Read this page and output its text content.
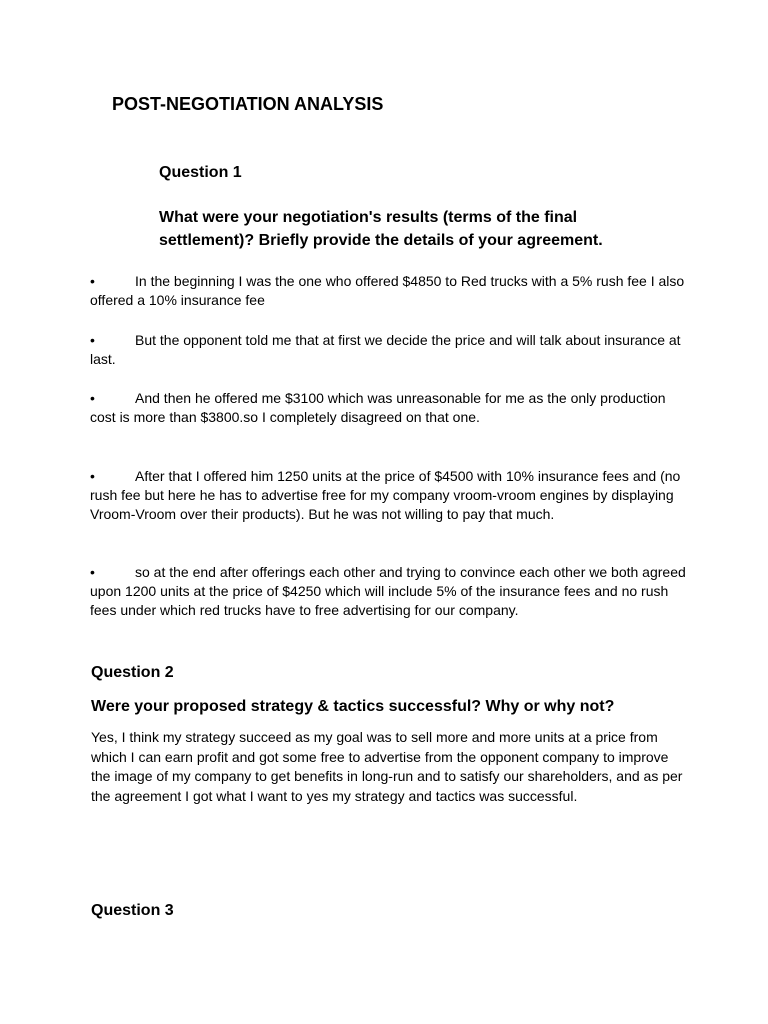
POST-NEGOTIATION ANALYSIS
Question 1

What were your negotiation's results (terms of the final settlement)? Briefly provide the details of your agreement.

•	In the beginning I was the one who offered $4850 to Red trucks with a 5% rush fee I also offered a 10% insurance fee

•	But the opponent told me that at first we decide the price and will talk about insurance at last.

•	And then he offered me $3100 which was unreasonable for me as the only production cost is more than $3800.so I completely disagreed on that one.

•	After that I offered him 1250 units at the price of $4500 with 10% insurance fees and (no rush fee but here he has to advertise free for my company vroom-vroom engines by displaying Vroom-Vroom over their products). But he was not willing to pay that much.

•	so at the end after offerings each other and trying to convince each other we both agreed upon 1200 units at the price of $4250 which will include 5% of the insurance fees and no rush fees under which red trucks have to free advertising for our company.

Question 2

Were your proposed strategy & tactics successful? Why or why not?

Yes, I think my strategy succeed as my goal was to sell more and more units at a price from which I can earn profit and got some free to advertise from the opponent company to improve the image of my company to get benefits in long-run and to satisfy our shareholders, and as per the agreement I got what I want to yes my strategy and tactics was successful.

Question 3
